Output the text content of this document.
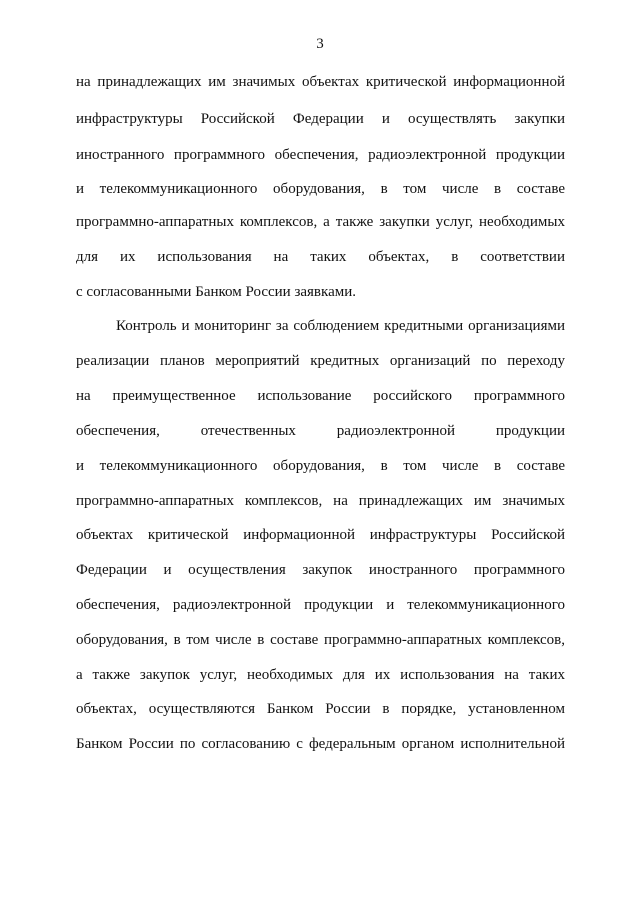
3
на принадлежащих им значимых объектах критической информационной
инфраструктуры Российской Федерации и осуществлять закупки
иностранного программного обеспечения, радиоэлектронной продукции
и телекоммуникационного оборудования, в том числе в составе
программно-аппаратных комплексов, а также закупки услуг, необходимых
для их использования на таких объектах, в соответствии
с согласованными Банком России заявками.
Контроль и мониторинг за соблюдением кредитными организациями
реализации планов мероприятий кредитных организаций по переходу
на преимущественное использование российского программного
обеспечения, отечественных радиоэлектронной продукции
и телекоммуникационного оборудования, в том числе в составе
программно-аппаратных комплексов, на принадлежащих им значимых
объектах критической информационной инфраструктуры Российской
Федерации и осуществления закупок иностранного программного
обеспечения, радиоэлектронной продукции и телекоммуникационного
оборудования, в том числе в составе программно-аппаратных комплексов,
а также закупок услуг, необходимых для их использования на таких
объектах, осуществляются Банком России в порядке, установленном
Банком России по согласованию с федеральным органом исполнительной
